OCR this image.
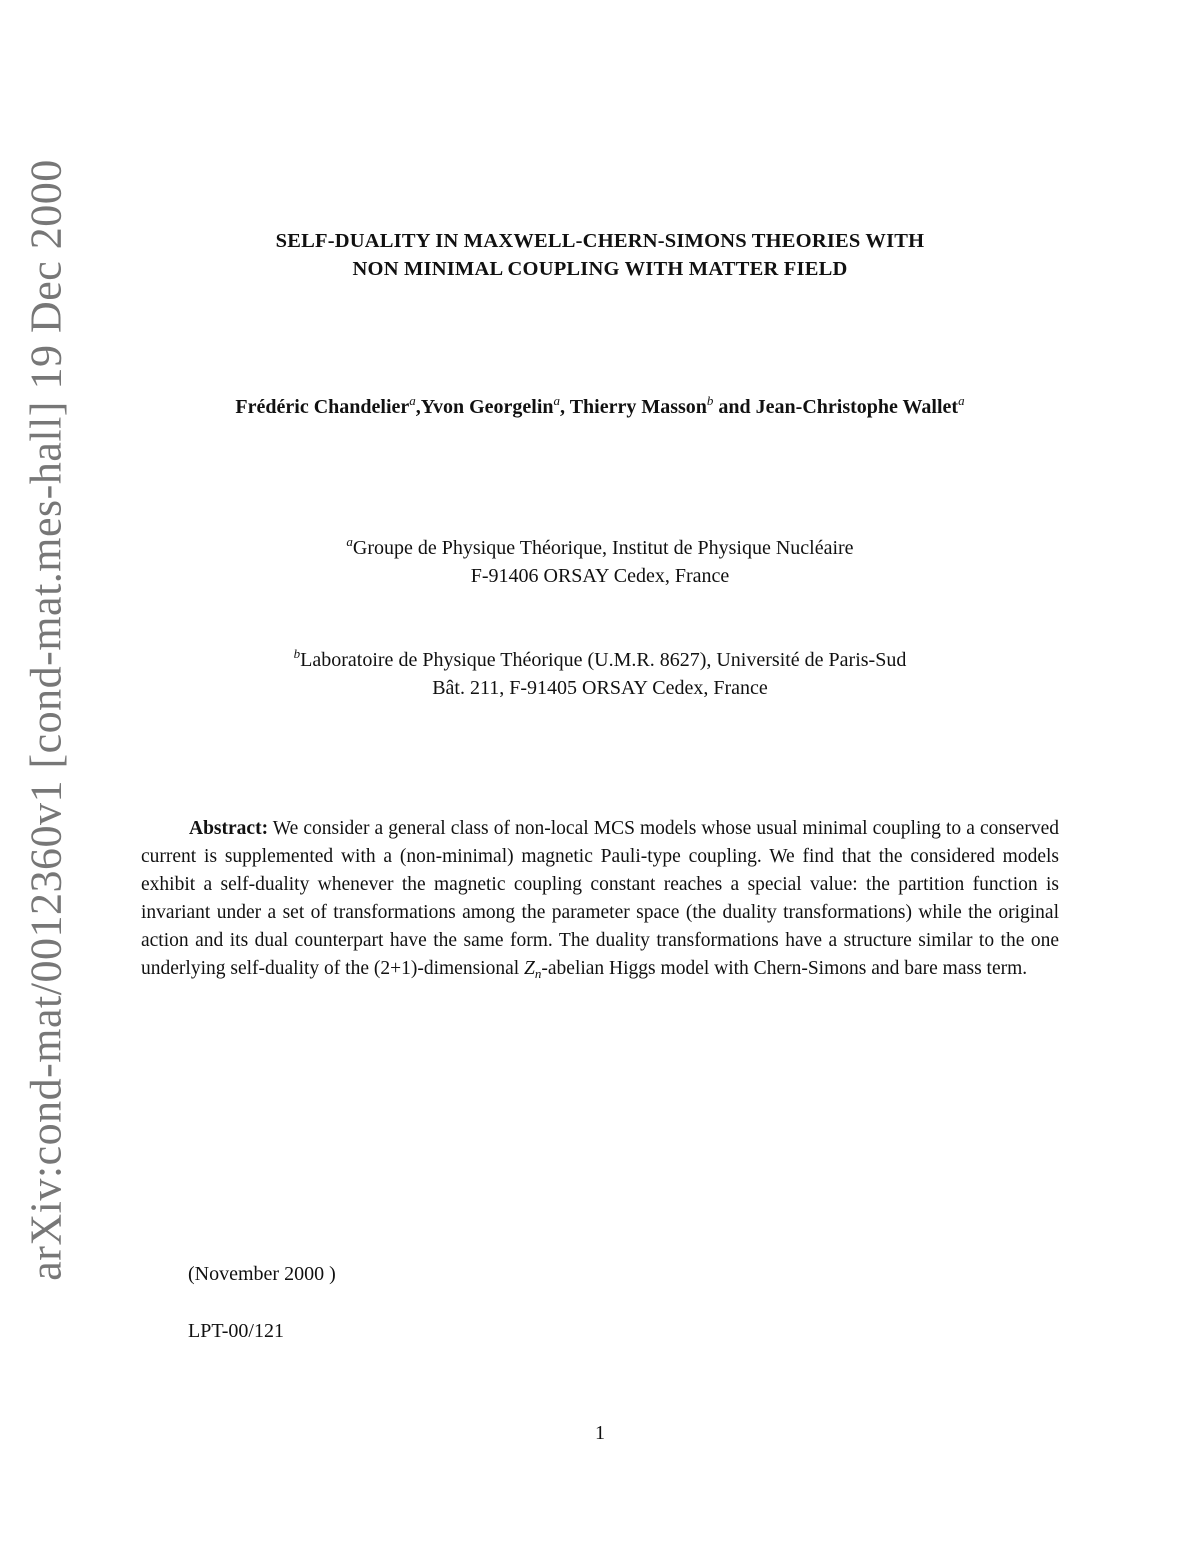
arXiv:cond-mat/0012360v1 [cond-mat.mes-hall] 19 Dec 2000	SELF-DUALITY IN MAXWELL-CHERN-SIMONS THEORIES WITH
NON MINIMAL COUPLING WITH MATTER FIELD
Frédéric Chandelier$^a$,Yvon Georgelin$^a$, Thierry Masson$^b$ and Jean-Christophe Wallet$^a$
$^a$Groupe de Physique Théorique, Institut de Physique Nucléaire
F-91406 ORSAY Cedex, France
$^b$Laboratoire de Physique Théorique (U.M.R. 8627), Université de Paris-Sud
Bât. 211, F-91405 ORSAY Cedex, France

Abstract: We consider a general class of non-local MCS models whose usual minimal coupling to a conserved current is supplemented with a (non-minimal) magnetic Pauli-type coupling. We find that the considered models exhibit a self-duality whenever the magnetic coupling constant reaches a special value: the partition function is invariant under a set of transformations among the parameter space (the duality transformations) while the original action and its dual counterpart have the same form. The duality transformations have a structure similar to the one underlying self-duality of the (2+1)-dimensional $Z_n$-abelian Higgs model with Chern-Simons and bare mass term.

(November 2000 )
LPT-00/121
1
